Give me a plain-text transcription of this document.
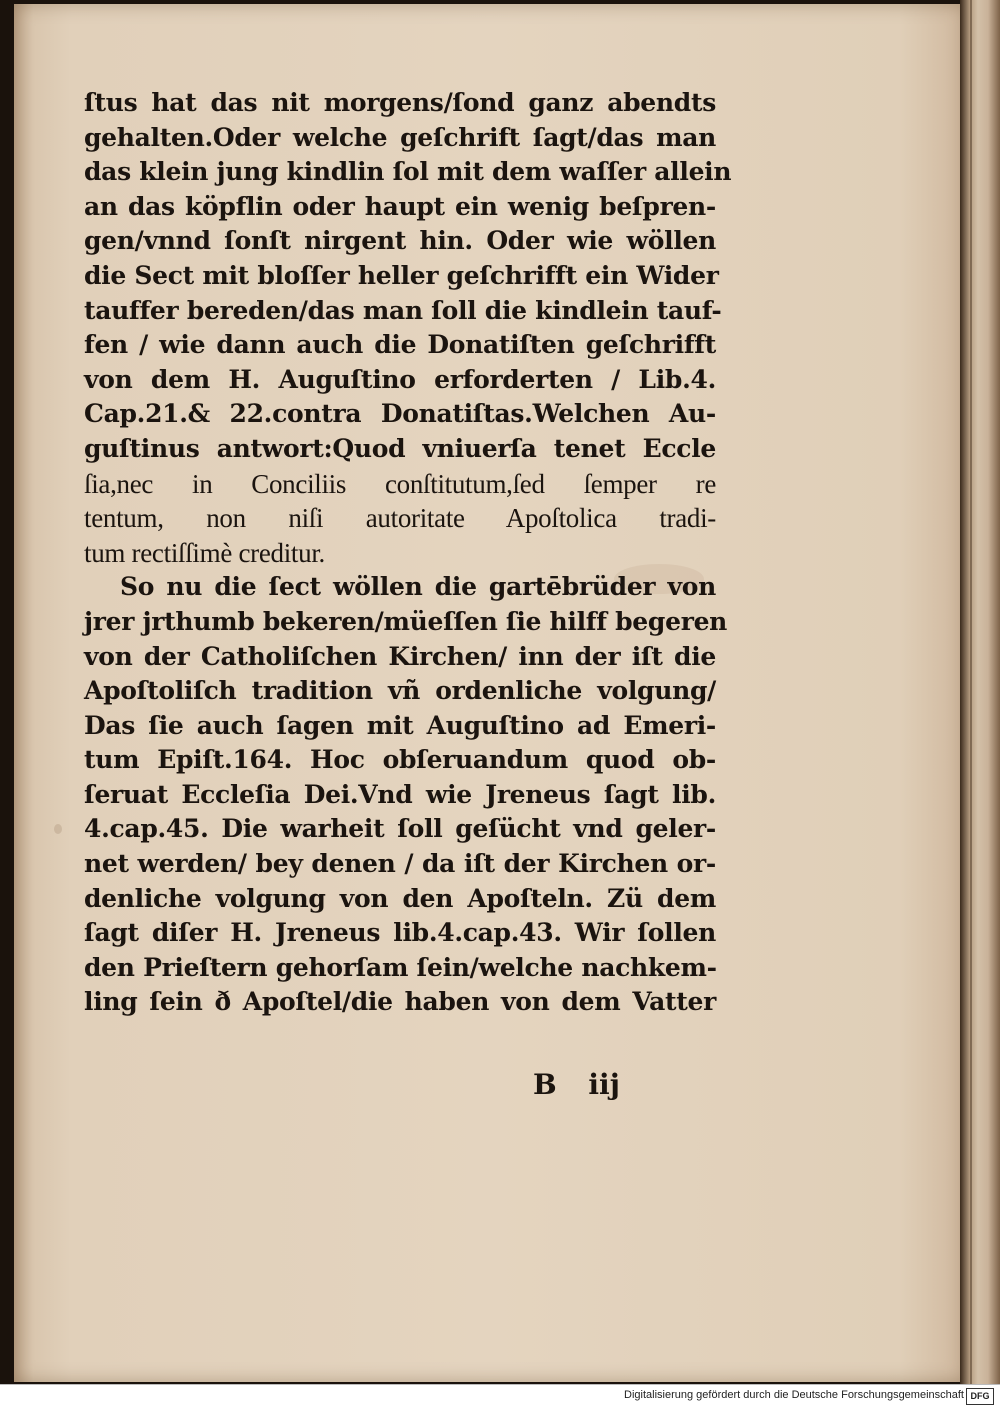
ſtus hat das nit morgens/ſond ganz abendts
gehalten.Oder welche geſchrift ſagt/das man
das klein jung kindlin ſol mit dem waſſer allein
an das köpflin oder haupt ein wenig beſpren-
gen/vnnd ſonſt nirgent hin. Oder wie wöllen
die Sect mit bloſſer heller geſchrifft ein Wider
tauffer bereden/das man ſoll die kindlein tauf-
fen / wie dann auch die Donatiſten geſchrifft
von dem H. Auguſtino erforderten / Lib.4.
Cap.21.& 22.contra Donatiſtas.Welchen Au-
guſtinus antwort:Quod vniuerſa tenet Eccle
ſia,nec in Conciliis conſtitutum,ſed ſemper re
tentum, non niſi autoritate Apoſtolica tradi-
tum rectiſſimè creditur.
So nu die ſect wöllen die gartēbrüder von
jrer jrthumb bekeren/müeſſen ſie hilff begeren
von der Catholiſchen Kirchen/ inn der iſt die
Apoſtoliſch tradition vñ ordenliche volgung/
Das ſie auch ſagen mit Auguſtino ad Emeri-
tum Epiſt.164. Hoc obſeruandum quod ob-
ſeruat Eccleſia Dei.Vnd wie Jreneus ſagt lib.
4.cap.45. Die warheit ſoll geſücht vnd geler-
net werden/ bey denen / da iſt der Kirchen or-
denliche volgung von den Apoſteln. Zü dem
ſagt diſer H. Jreneus lib.4.cap.43. Wir ſollen
den Prieſtern gehorſam ſein/welche nachkem-
ling ſein ð Apoſtel/die haben von dem Vatter
B iij
Digitalisierung gefördert durch die Deutsche Forschungsgemeinschaft DFG
